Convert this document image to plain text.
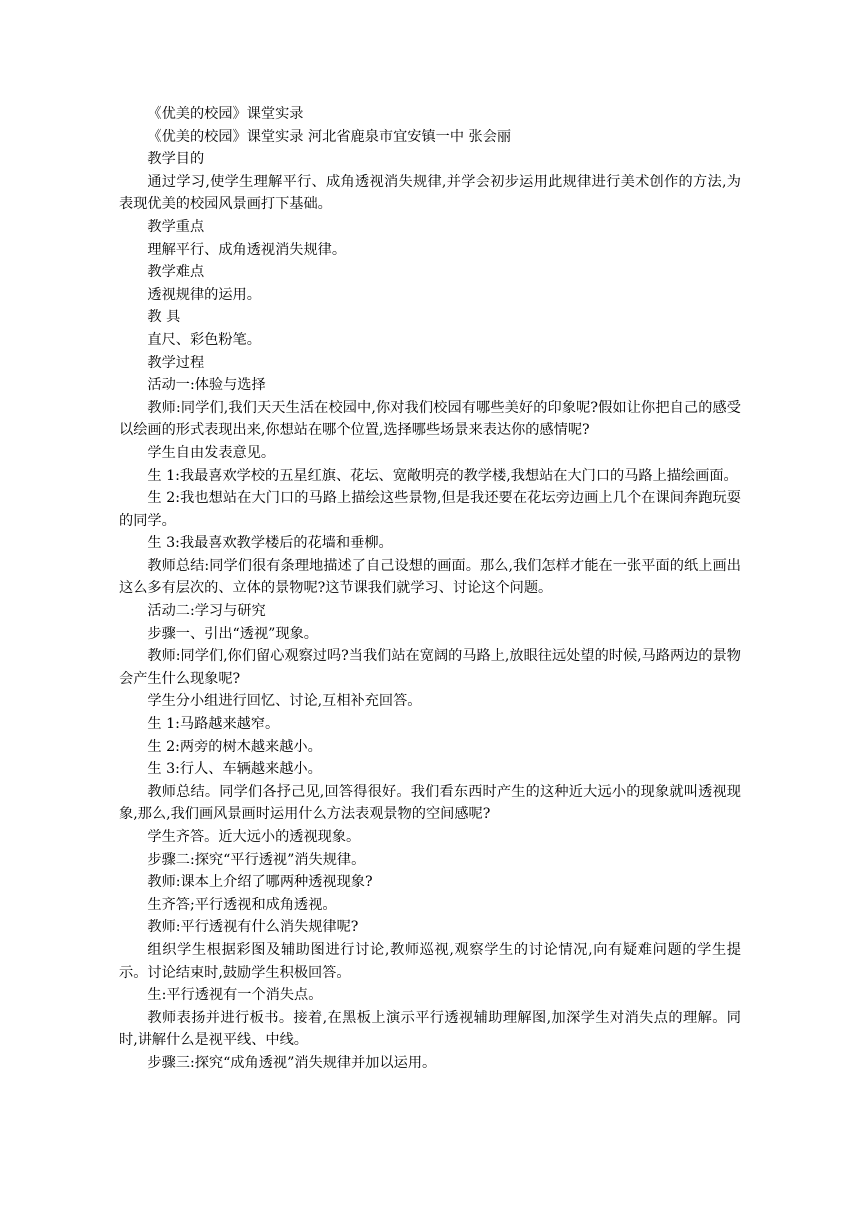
《优美的校园》课堂实录

《优美的校园》课堂实录 河北省鹿泉市宜安镇一中 张会丽

教学目的

通过学习,使学生理解平行、成角透视消失规律,并学会初步运用此规律进行美术创作的方法,为表现优美的校园风景画打下基础。

教学重点

理解平行、成角透视消失规律。

教学难点

透视规律的运用。

教 具

直尺、彩色粉笔。

教学过程

活动一:体验与选择

教师:同学们,我们天天生活在校园中,你对我们校园有哪些美好的印象呢?假如让你把自己的感受以绘画的形式表现出来,你想站在哪个位置,选择哪些场景来表达你的感情呢?

学生自由发表意见。

生 1:我最喜欢学校的五星红旗、花坛、宽敞明亮的教学楼,我想站在大门口的马路上描绘画面。

生 2:我也想站在大门口的马路上描绘这些景物,但是我还要在花坛旁边画上几个在课间奔跑玩耍的同学。

生 3:我最喜欢教学楼后的花墙和垂柳。

教师总结:同学们很有条理地描述了自己设想的画面。那么,我们怎样才能在一张平面的纸上画出这么多有层次的、立体的景物呢?这节课我们就学习、讨论这个问题。

活动二:学习与研究

步骤一、引出“透视”现象。

教师:同学们,你们留心观察过吗?当我们站在宽阔的马路上,放眼往远处望的时候,马路两边的景物会产生什么现象呢?

学生分小组进行回忆、讨论,互相补充回答。

生 1:马路越来越窄。

生 2:两旁的树木越来越小。

生 3:行人、车辆越来越小。

教师总结。同学们各抒己见,回答得很好。我们看东西时产生的这种近大远小的现象就叫透视现象,那么,我们画风景画时运用什么方法表观景物的空间感呢?

学生齐答。近大远小的透视现象。

步骤二:探究“平行透视”消失规律。

教师:课本上介绍了哪两种透视现象?

生齐答;平行透视和成角透视。

教师:平行透视有什么消失规律呢?

组织学生根据彩图及辅助图进行讨论,教师巡视,观察学生的讨论情况,向有疑难问题的学生提示。讨论结束时,鼓励学生积极回答。

生:平行透视有一个消失点。

教师表扬并进行板书。接着,在黑板上演示平行透视辅助理解图,加深学生对消失点的理解。同时,讲解什么是视平线、中线。

步骤三:探究“成角透视”消失规律并加以运用。
